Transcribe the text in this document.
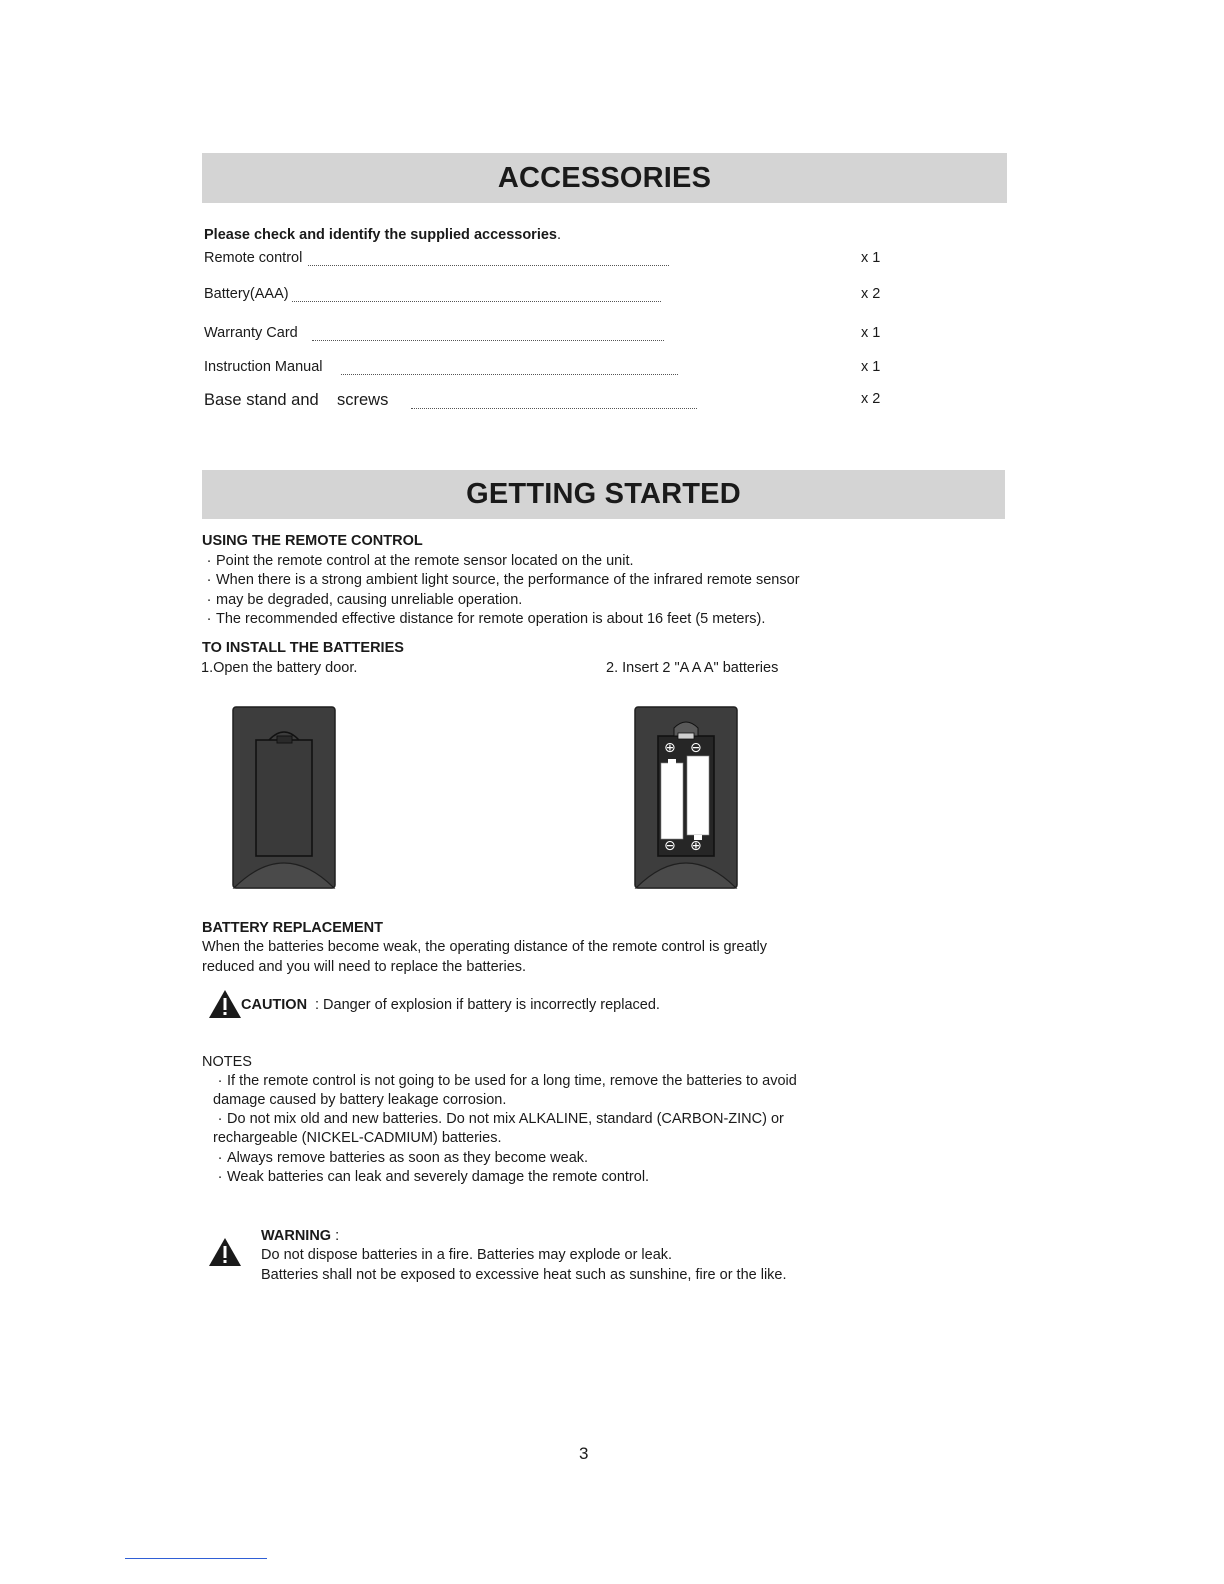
ACCESSORIES
Please check and identify the supplied accessories.
Remote control	x 1
Battery(AAA)	x 2
Warranty Card	x 1
Instruction Manual	x 1
Base stand and    screws	x 2
GETTING STARTED
USING THE REMOTE CONTROL
· Point the remote control at the remote sensor located on the unit.
· When there is a strong ambient light source, the performance of the infrared remote sensor
· may be degraded, causing unreliable operation.
· The recommended effective distance for remote operation is about 16 feet (5 meters).
TO INSTALL THE BATTERIES
1.Open the battery door.	2. Insert 2 "A A A" batteries
⊕ ⊖
⊖ ⊕
BATTERY REPLACEMENT
When the batteries become weak, the operating distance of the remote control is greatly
reduced and you will need to replace the batteries.
CAUTION : Danger of explosion if battery is incorrectly replaced.
NOTES
· If the remote control is not going to be used for a long time, remove the batteries to avoid
damage caused by battery leakage corrosion.
· Do not mix old and new batteries. Do not mix ALKALINE, standard (CARBON-ZINC) or
rechargeable (NICKEL-CADMIUM) batteries.
· Always remove batteries as soon as they become weak.
· Weak batteries can leak and severely damage the remote control.
WARNING :
Do not dispose batteries in a fire. Batteries may explode or leak.
Batteries shall not be exposed to excessive heat such as sunshine, fire or the like.
3
